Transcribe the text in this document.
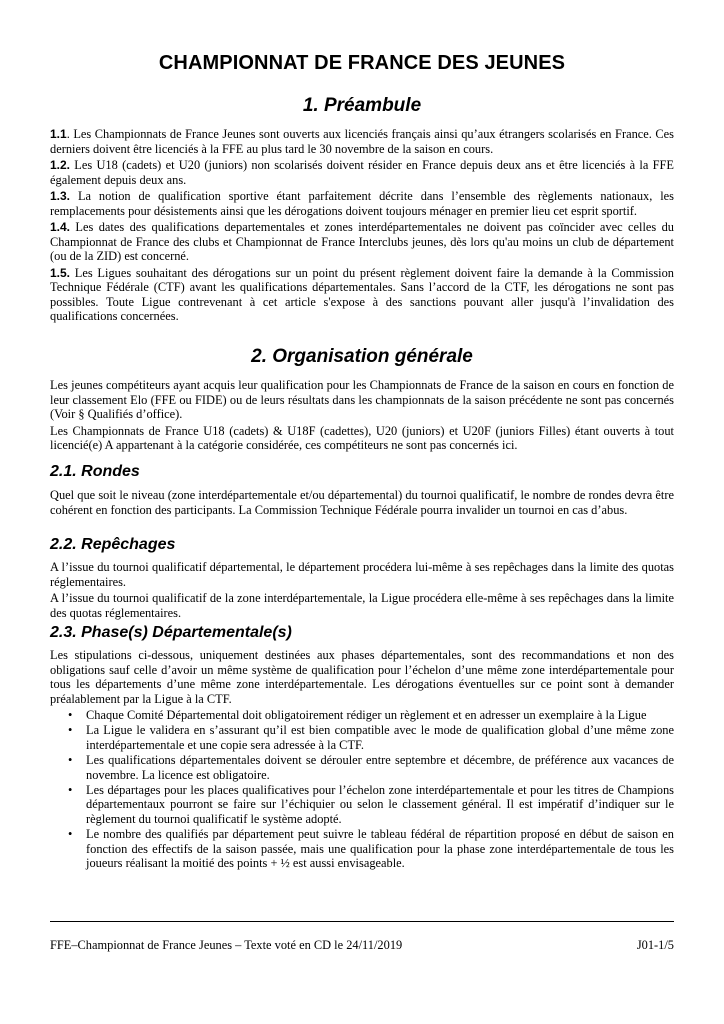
CHAMPIONNAT DE FRANCE DES JEUNES
1. Préambule

1.1. Les Championnats de France Jeunes sont ouverts aux licenciés français ainsi qu’aux étrangers scolarisés en France. Ces derniers doivent être licenciés à la FFE au plus tard le 30 novembre de la saison en cours.

1.2. Les U18 (cadets) et U20 (juniors) non scolarisés doivent résider en France depuis deux ans et être licenciés à la FFE également depuis deux ans.

1.3. La notion de qualification sportive étant parfaitement décrite dans l’ensemble des règlements nationaux, les remplacements pour désistements ainsi que les dérogations doivent toujours ménager en premier lieu cet esprit sportif.

1.4. Les dates des qualifications departementales et zones interdépartementales ne doivent pas coïncider avec celles du Championnat de France des clubs et Championnat de France Interclubs jeunes, dès lors qu'au moins un club de département (ou de la ZID) est concerné.

1.5. Les Ligues souhaitant des dérogations sur un point du présent règlement doivent faire la demande à la Commission Technique Fédérale (CTF) avant les qualifications départementales. Sans l’accord de la CTF, les dérogations ne sont pas possibles. Toute Ligue contrevenant à cet article s'expose à des sanctions pouvant aller jusqu'à l’invalidation des qualifications concernées.

2. Organisation générale

Les jeunes compétiteurs ayant acquis leur qualification pour les Championnats de France de la saison en cours en fonction de leur classement Elo (FFE ou FIDE) ou de leurs résultats dans les championnats de la saison précédente ne sont pas concernés (Voir § Qualifiés d’office).

Les Championnats de France U18 (cadets) & U18F (cadettes), U20 (juniors) et U20F (juniors Filles) étant ouverts à tout licencié(e) A appartenant à la catégorie considérée, ces compétiteurs ne sont pas concernés ici.

2.1. Rondes

Quel que soit le niveau (zone interdépartementale et/ou départemental) du tournoi qualificatif, le nombre de rondes devra être cohérent en fonction des participants. La Commission Technique Fédérale pourra invalider un tournoi en cas d’abus.

2.2. Repêchages

A l’issue du tournoi qualificatif départemental, le département procédera lui-même à ses repêchages dans la limite des quotas réglementaires.

A l’issue du tournoi qualificatif de la zone interdépartementale, la Ligue procédera elle-même à ses repêchages dans la limite des quotas réglementaires.

2.3. Phase(s) Départementale(s)

Les stipulations ci-dessous, uniquement destinées aux phases départementales, sont des recommandations et non des obligations sauf celle d’avoir un même système de qualification pour l’échelon d’une même zone interdépartementale pour tous les départements d’une même zone interdépartementale. Les dérogations éventuelles sur ce point sont à demander préalablement par la Ligue à la CTF.

• Chaque Comité Départemental doit obligatoirement rédiger un règlement et en adresser un exemplaire à la Ligue
• La Ligue le validera en s’assurant qu’il est bien compatible avec le mode de qualification global d’une même zone interdépartementale et une copie sera adressée à la CTF.
• Les qualifications départementales doivent se dérouler entre septembre et décembre, de préférence aux vacances de novembre. La licence est obligatoire.
• Les départages pour les places qualificatives pour l’échelon zone interdépartementale et pour les titres de Champions départementaux pourront se faire sur l’échiquier ou selon le classement général. Il est impératif d’indiquer sur le règlement du tournoi qualificatif le système adopté.
• Le nombre des qualifiés par département peut suivre le tableau fédéral de répartition proposé en début de saison en fonction des effectifs de la saison passée, mais une qualification pour la phase zone interdépartementale de tous les joueurs réalisant la moitié des points + ½ est aussi envisageable.
FFE–Championnat de France Jeunes – Texte voté en CD le 24/11/2019	J01-1/5
